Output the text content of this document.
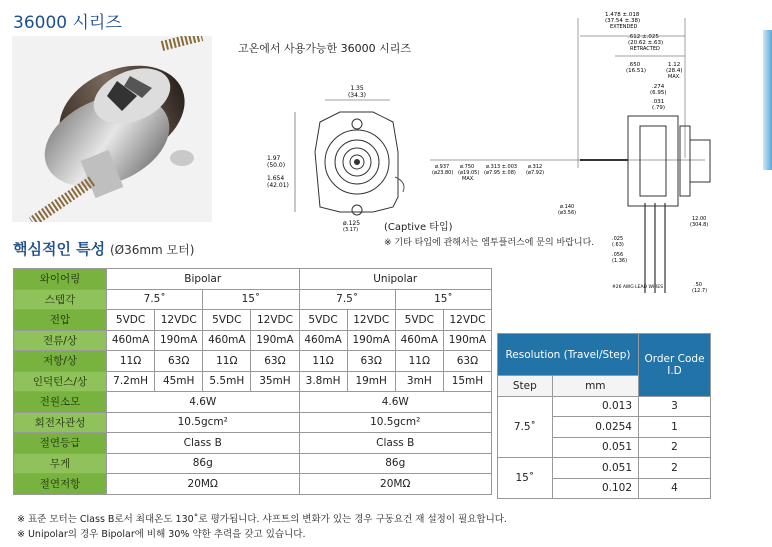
36000 시리즈
고온에서 사용가능한 36000 시리즈
1.35
(34.3)
1.97
(50.0)
1.654
(42.01)
ø.125
(3.17)
1.478 ±.018
(37.54 ±.38)
EXTENDED
.612 ±.025
(20.62 ±.63)
RETRACTED
.650
(16.51)
1.12
(28.4)
MAX.
.274
(6.95)
.031
(.79)
ø.937
(ø23.80)
ø.750
(ø19.05)
MAX.
ø.313 ±.003
(ø7.95 ±.08)
ø.312
(ø7.92)
ø.140
(ø3.56)
.025
(.63)
.056
(1.36)
#26 AWG LEAD WIRES
12.00
(304.8)
.50
(12.7)
(Captive 타입)
※ 기타 타입에 관해서는 엠투플러스에 문의 바랍니다.
핵심적인 특성 (Ø36mm 모터)
와이어링	Bipolar				Unipolar			
스텝각	7.5˚		15˚		7.5˚		15˚	
전압	5VDC	12VDC	5VDC	12VDC	5VDC	12VDC	5VDC	12VDC
전류/상	460mA	190mA	460mA	190mA	460mA	190mA	460mA	190mA
저항/상	11Ω	63Ω	11Ω	63Ω	11Ω	63Ω	11Ω	63Ω
인덕턴스/상	7.2mH	45mH	5.5mH	35mH	3.8mH	19mH	3mH	15mH
전원소모	4.6W				4.6W			
회전자관성	10.5gcm²				10.5gcm²			
절연등급	Class B				Class B			
무게	86g				86g			
절연저항	20MΩ				20MΩ			
Resolution (Travel/Step)		Order Code I.D
Step	mm	
7.5˚	0.013	3
	0.0254	1
	0.051	2
15˚	0.051	2
	0.102	4
※ 표준 모터는 Class B로서 최대온도 130˚로 평가됩니다. 샤프트의 변화가 있는 경우 구동요건 재 설정이 필요합니다.
※ Unipolar의 경우 Bipolar에 비해 30% 약한 추력을 갖고 있습니다.
